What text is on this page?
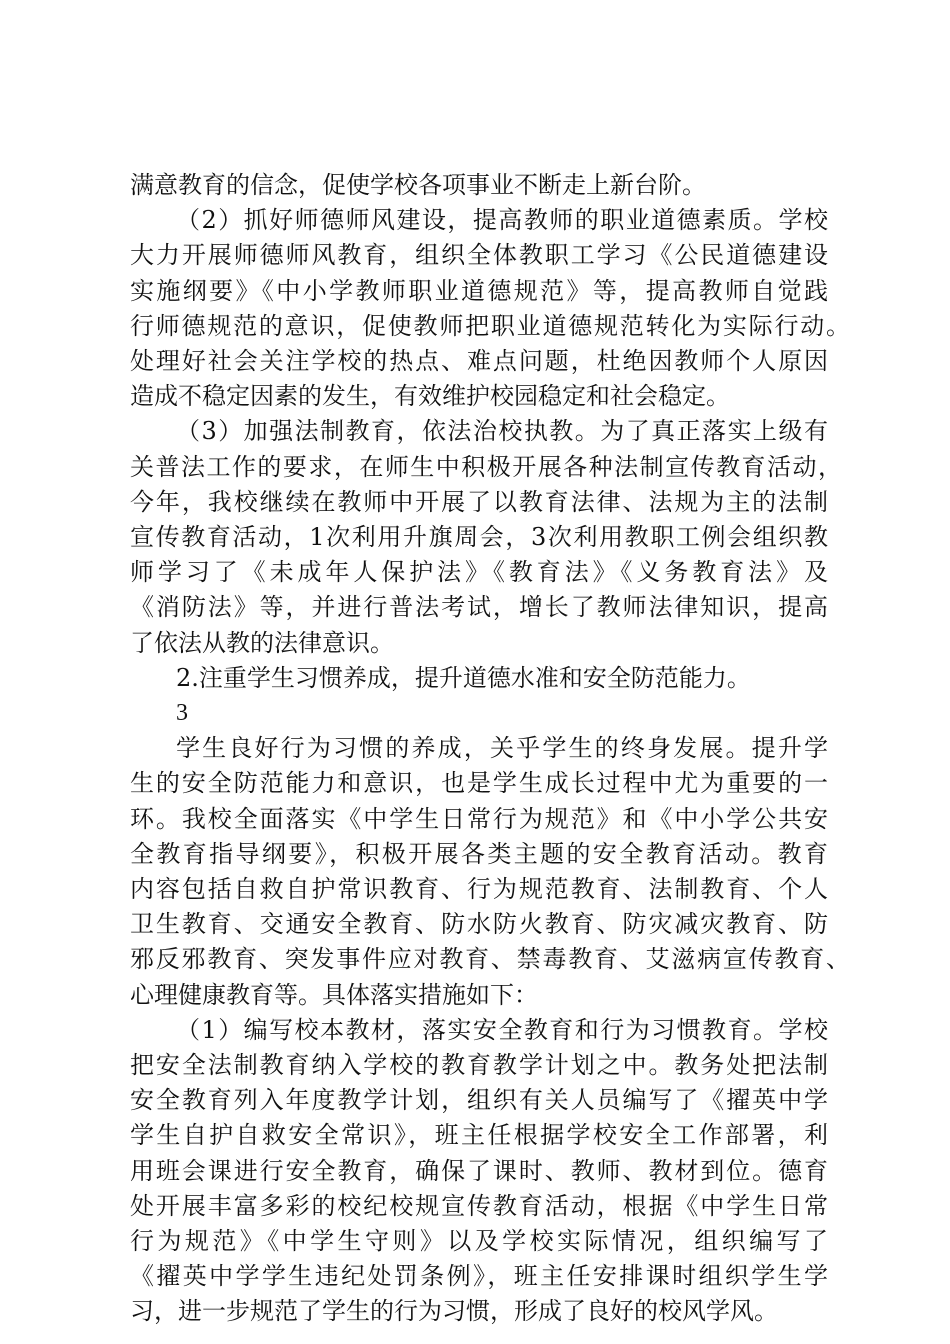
满意教育的信念，促使学校各项事业不断走上新台阶。
（2）抓好师德师风建设，提高教师的职业道德素质。学校
大力开展师德师风教育，组织全体教职工学习《公民道德建设
实施纲要》《中小学教师职业道德规范》等，提高教师自觉践
行师德规范的意识，促使教师把职业道德规范转化为实际行动。
处理好社会关注学校的热点、难点问题，杜绝因教师个人原因
造成不稳定因素的发生，有效维护校园稳定和社会稳定。
（3）加强法制教育，依法治校执教。为了真正落实上级有
关普法工作的要求，在师生中积极开展各种法制宣传教育活动，
今年，我校继续在教师中开展了以教育法律、法规为主的法制
宣传教育活动，1次利用升旗周会，3次利用教职工例会组织教
师学习了《未成年人保护法》《教育法》《义务教育法》及
《消防法》等，并进行普法考试，增长了教师法律知识，提高
了依法从教的法律意识。
2.注重学生习惯养成，提升道德水准和安全防范能力。
3
学生良好行为习惯的养成，关乎学生的终身发展。提升学
生的安全防范能力和意识，也是学生成长过程中尤为重要的一
环。我校全面落实《中学生日常行为规范》和《中小学公共安
全教育指导纲要》，积极开展各类主题的安全教育活动。教育
内容包括自救自护常识教育、行为规范教育、法制教育、个人
卫生教育、交通安全教育、防水防火教育、防灾减灾教育、防
邪反邪教育、突发事件应对教育、禁毒教育、艾滋病宣传教育、
心理健康教育等。具体落实措施如下：
（1）编写校本教材，落实安全教育和行为习惯教育。学校
把安全法制教育纳入学校的教育教学计划之中。教务处把法制
安全教育列入年度教学计划，组织有关人员编写了《擢英中学
学生自护自救安全常识》，班主任根据学校安全工作部署，利
用班会课进行安全教育，确保了课时、教师、教材到位。德育
处开展丰富多彩的校纪校规宣传教育活动，根据《中学生日常
行为规范》《中学生守则》以及学校实际情况，组织编写了
《擢英中学学生违纪处罚条例》，班主任安排课时组织学生学
习，进一步规范了学生的行为习惯，形成了良好的校风学风。
